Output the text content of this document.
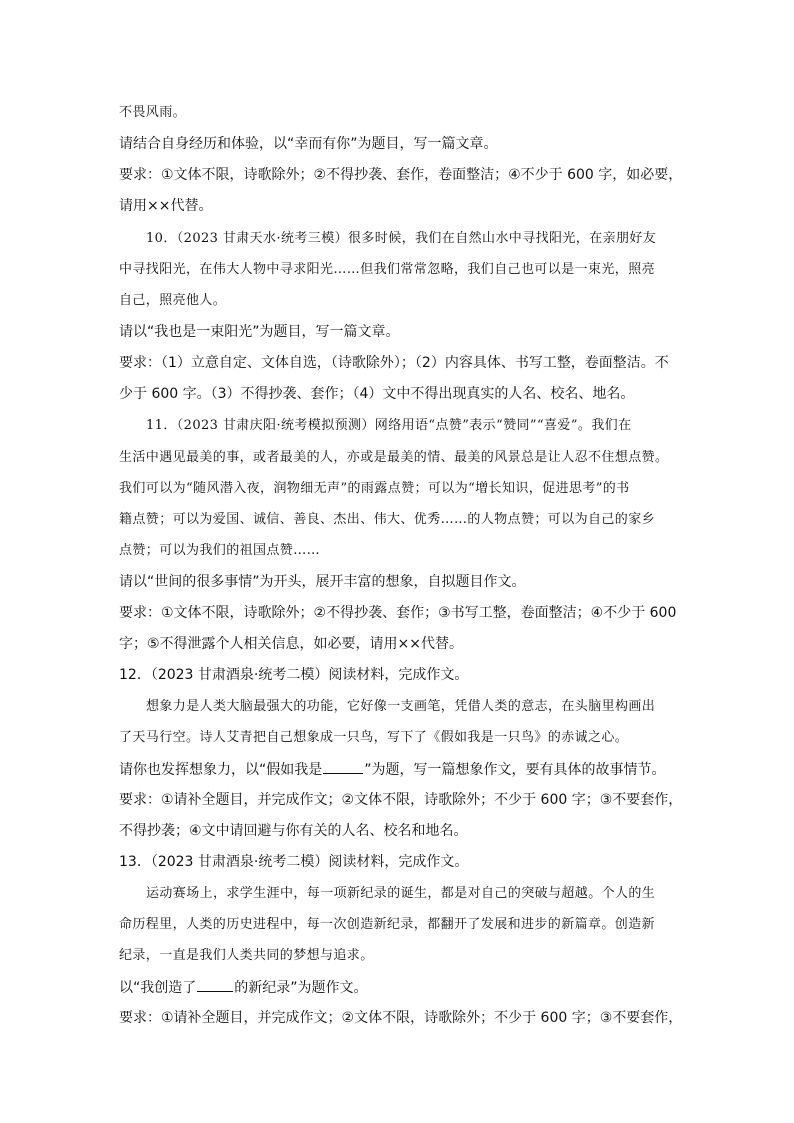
不畏风雨。
请结合自身经历和体验，以“幸而有你”为题目，写一篇文章。
要求：①文体不限，诗歌除外；②不得抄袭、套作，卷面整洁；④不少于 600 字，如必要，
请用××代替。
10．（2023 甘肃天水·统考三模）很多时候，我们在自然山水中寻找阳光，在亲朋好友
中寻找阳光，在伟大人物中寻求阳光……但我们常常忽略，我们自己也可以是一束光，照亮
自己，照亮他人。
请以“我也是一束阳光”为题目，写一篇文章。
要求：（1）立意自定、文体自选，（诗歌除外）；（2）内容具体、书写工整，卷面整洁。不
少于 600 字。（3）不得抄袭、套作；（4）文中不得出现真实的人名、校名、地名。
11．（2023 甘肃庆阳·统考模拟预测）网络用语“点赞”表示“赞同”“喜爱”。我们在
生活中遇见最美的事，或者最美的人，亦或是最美的情、最美的风景总是让人忍不住想点赞。
我们可以为“随风潜入夜，润物细无声”的雨露点赞；可以为“增长知识，促进思考”的书
籍点赞；可以为爱国、诚信、善良、杰出、伟大、优秀……的人物点赞；可以为自己的家乡
点赞；可以为我们的祖国点赞……
请以“世间的很多事情”为开头，展开丰富的想象，自拟题目作文。
要求：①文体不限，诗歌除外；②不得抄袭、套作；③书写工整，卷面整洁；④不少于 600
字；⑤不得泄露个人相关信息，如必要，请用××代替。
12．（2023 甘肃酒泉·统考二模）阅读材料，完成作文。
想象力是人类大脑最强大的功能，它好像一支画笔，凭借人类的意志，在头脑里构画出
了天马行空。诗人艾青把自己想象成一只鸟，写下了《假如我是一只鸟》的赤诚之心。
请你也发挥想象力，以“假如我是	”为题，写一篇想象作文，要有具体的故事情节。
要求：①请补全题目，并完成作文；②文体不限，诗歌除外；不少于 600 字；③不要套作，
不得抄袭；④文中请回避与你有关的人名、校名和地名。
13．（2023 甘肃酒泉·统考二模）阅读材料，完成作文。
运动赛场上，求学生涯中，每一项新纪录的诞生，都是对自己的突破与超越。个人的生
命历程里，人类的历史进程中，每一次创造新纪录，都翻开了发展和进步的新篇章。创造新
纪录，一直是我们人类共同的梦想与追求。
以“我创造了	的新纪录”为题作文。
要求：①请补全题目，并完成作文；②文体不限，诗歌除外；不少于 600 字；③不要套作，
